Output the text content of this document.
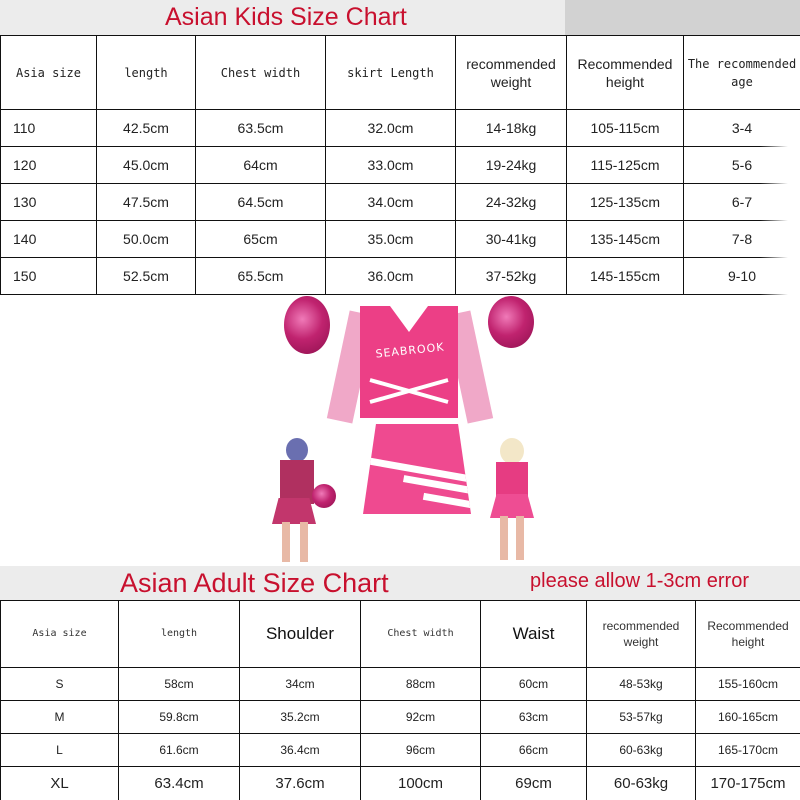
Asian Kids Size Chart
Asia size	length	Chest width	skirt Length	recommended weight	Recommended height	The recommended age
110	42.5cm	63.5cm	32.0cm	14-18kg	105-115cm	3-4
120	45.0cm	64cm	33.0cm	19-24kg	115-125cm	5-6
130	47.5cm	64.5cm	34.0cm	24-32kg	125-135cm	6-7
140	50.0cm	65cm	35.0cm	30-41kg	135-145cm	7-8
150	52.5cm	65.5cm	36.0cm	37-52kg	145-155cm	9-10
SEABROOK
Asian Adult Size Chart	please allow 1-3cm error
Asia size	length	Shoulder	Chest width	Waist	recommended weight	Recommended height
S	58cm	34cm	88cm	60cm	48-53kg	155-160cm
M	59.8cm	35.2cm	92cm	63cm	53-57kg	160-165cm
L	61.6cm	36.4cm	96cm	66cm	60-63kg	165-170cm
XL	63.4cm	37.6cm	100cm	69cm	60-63kg	170-175cm
